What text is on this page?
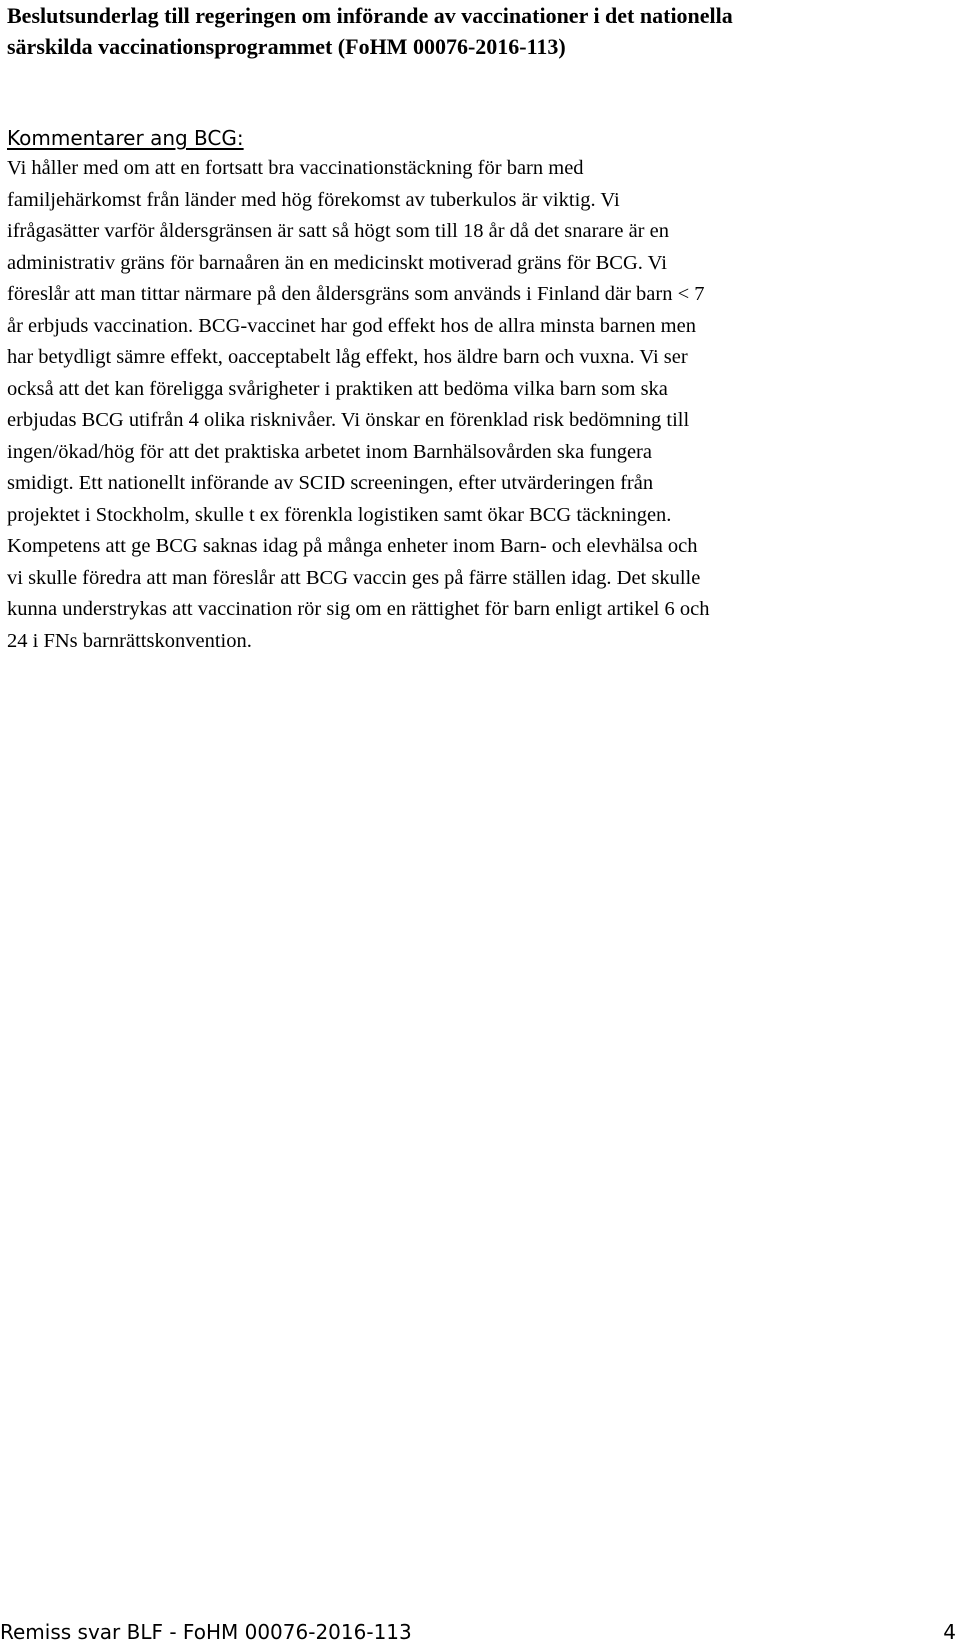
Beslutsunderlag till regeringen om införande av vaccinationer i det nationella
särskilda vaccinationsprogrammet (FoHM 00076-2016-113)
Kommentarer ang BCG:
Vi håller med om att en fortsatt bra vaccinationstäckning för barn med
familjehärkomst från länder med hög förekomst av tuberkulos är viktig. Vi
ifrågasätter varför åldersgränsen är satt så högt som till 18 år då det snarare är en
administrativ gräns för barnaåren än en medicinskt motiverad gräns för BCG. Vi
föreslår att man tittar närmare på den åldersgräns som används i Finland där barn < 7
år erbjuds vaccination. BCG-vaccinet har god effekt hos de allra minsta barnen men
har betydligt sämre effekt, oacceptabelt låg effekt, hos äldre barn och vuxna. Vi ser
också att det kan föreligga svårigheter i praktiken att bedöma vilka barn som ska
erbjudas BCG utifrån 4 olika risknivåer. Vi önskar en förenklad risk bedömning till
ingen/ökad/hög för att det praktiska arbetet inom Barnhälsovården ska fungera
smidigt. Ett nationellt införande av SCID screeningen, efter utvärderingen från
projektet i Stockholm, skulle t ex förenkla logistiken samt ökar BCG täckningen.
Kompetens att ge BCG saknas idag på många enheter inom Barn- och elevhälsa och
vi skulle föredra att man föreslår att BCG vaccin ges på färre ställen idag. Det skulle
kunna understrykas att vaccination rör sig om en rättighet för barn enligt artikel 6 och
24 i FNs barnrättskonvention.
Remiss svar BLF - FoHM 00076-2016-113	4
